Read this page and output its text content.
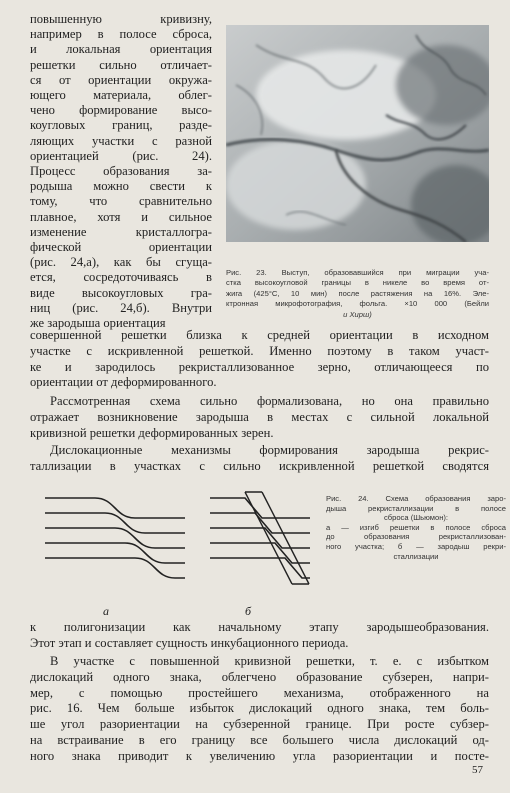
повышенную кривизну,
например в полосе сброса,
и локальная ориентация
решетки сильно отличает-
ся от ориентации окружа-
ющего материала, облег-
чено формирование высо-
коугловых границ, разде-
ляющих участки с разной
ориентацией (рис. 24).
Процесс образования за-
родыша можно свести к
тому, что сравнительно
плавное, хотя и сильное
изменение кристаллогра-
фической ориентации
(рис. 24,а), как бы сгуща-
ется, сосредоточиваясь в
виде высокоугловых гра-
ниц (рис. 24,б). Внутри
же зародыша ориентация
Рис. 23. Выступ, образовавшийся при миграции уча-
стка высокоугловой границы в никеле во время от-
жига (425°С, 10 мин) после растяжения на 16%. Эле-
ктронная микрофотография, фольга. ×10 000 (Бейли
и Хирш)
совершенной решетки близка к средней ориентации в исходном
участке с искривленной решеткой. Именно поэтому в таком участ-
ке и зародилось рекристаллизованное зерно, отличающееся по
ориентации от деформированного.
Рассмотренная схема сильно формализована, но она правильно
отражает возникновение зародыша в местах с сильной локальной
кривизной решетки деформированных зерен.
Дислокационные механизмы формирования зародыша рекрис-
таллизации в участках с сильно искривленной решеткой сводятся
а	б
Рис. 24. Схема образования заро-
дыша рекристаллизации в полосе
сброса (Шьюмон):
а — изгиб решетки в полосе сброса
до образования рекристаллизован-
ного участка; б — зародыш рекри-
сталлизации
к полигонизации как начальному этапу зародышеобразования.
Этот этап и составляет сущность инкубационного периода.
В участке с повышенной кривизной решетки, т. е. с избытком
дислокаций одного знака, облегчено образование субзерен, напри-
мер, с помощью простейшего механизма, отображенного на
рис. 16. Чем больше избыток дислокаций одного знака, тем боль-
ше угол разориентации на субзеренной границе. При росте субзер-
на встраивание в его границу все большего числа дислокаций од-
ного знака приводит к увеличению угла разориентации и посте-
57
